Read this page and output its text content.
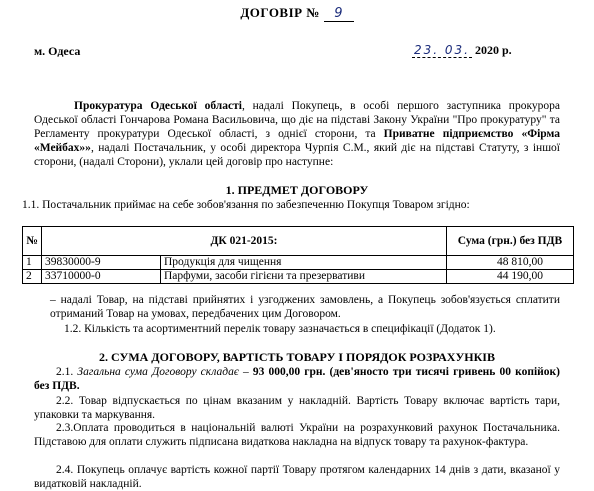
ДОГОВІР № 9
м. Одеса	23. 03. 2020 р.
Прокуратура Одеської області, надалі Покупець, в особі першого заступника прокурора Одеської області Гончарова Романа Васильовича, що діє на підставі Закону України "Про прокуратуру" та Регламенту прокуратури Одеської області, з однієї сторони, та Приватне підприємство «Фірма «Мейбах»», надалі Постачальник, у особі директора Чурпія С.М., який діє на підставі Статуту, з іншої сторони, (надалі Сторони), уклали цей договір про наступне:
1. ПРЕДМЕТ ДОГОВОРУ
1.1. Постачальник приймає на себе зобов'язання по забезпеченню Покупця Товаром згідно:
№	ДК 021-2015:		Сума (грн.) без ПДВ
1	39830000-9	Продукція для чищення	48 810,00
2	33710000-0	Парфуми, засоби гігієни та презервативи	44 190,00
– надалі Товар, на підставі прийнятих і узгоджених замовлень, а Покупець зобов'язується сплатити отриманий Товар на умовах, передбачених цим Договором.
1.2. Кількість та асортиментний перелік товару зазначається в специфікації (Додаток 1).
2. СУМА ДОГОВОРУ, ВАРТІСТЬ ТОВАРУ І ПОРЯДОК РОЗРАХУНКІВ
2.1. Загальна сума Договору складає – 93 000,00 грн. (дев'яносто три тисячі гривень 00 копійок) без ПДВ.
2.2. Товар відпускається по цінам вказаним у накладній. Вартість Товару включає вартість тари, упаковки та маркування.
2.3.Оплата проводиться в національній валюті України на розрахунковий рахунок Постачальника. Підставою для оплати служить підписана видаткова накладна на відпуск товару та рахунок-фактура.
2.4. Покупець оплачує вартість кожної партії Товару протягом календарних 14 днів з дати, вказаної у видатковій накладній.
